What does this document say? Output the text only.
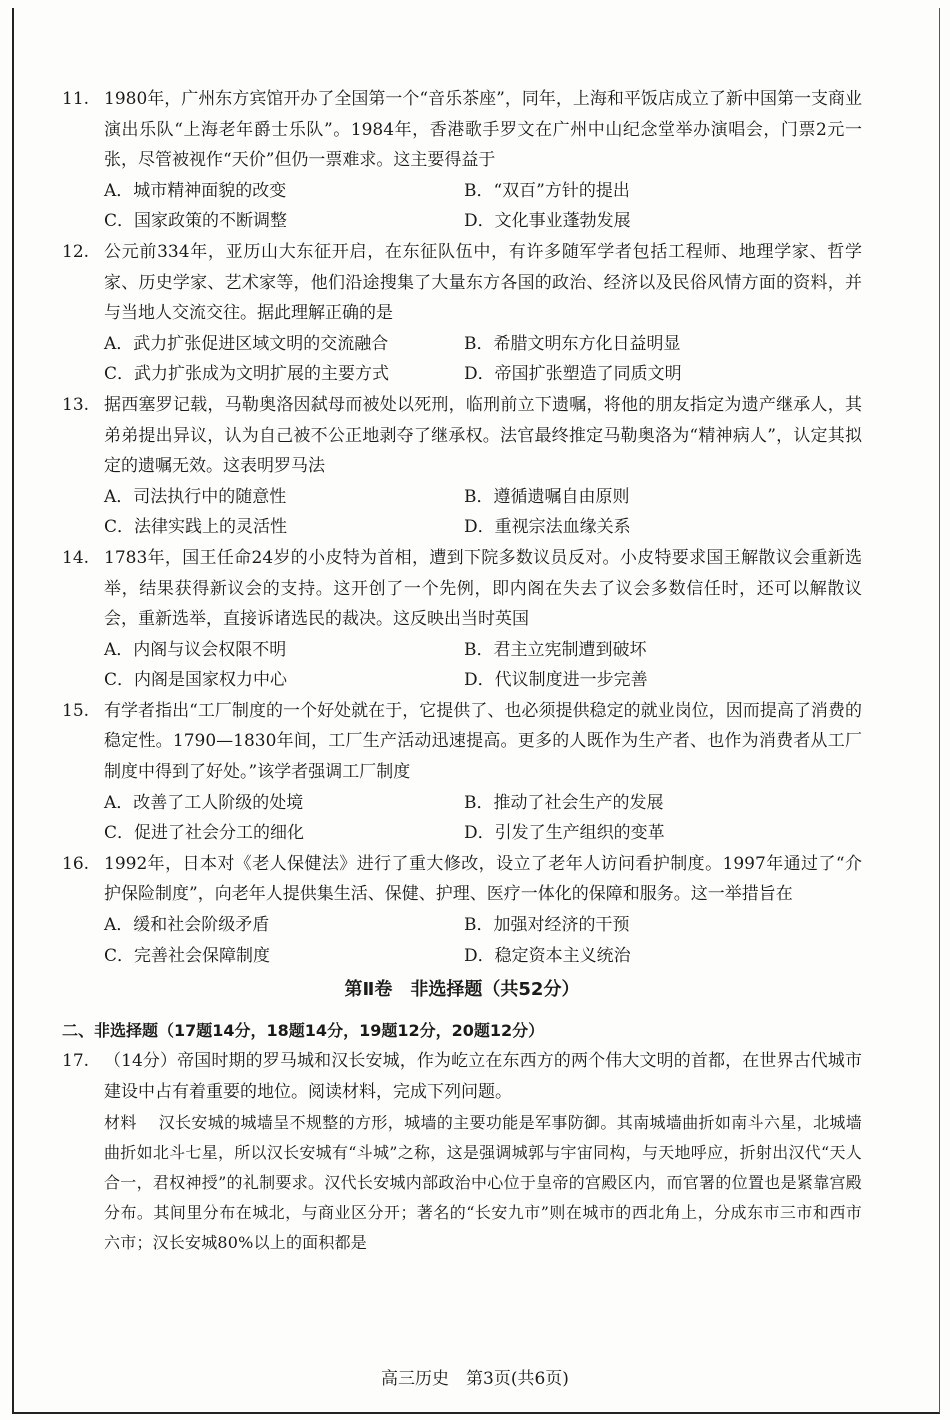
11. 1980年，广州东方宾馆开办了全国第一个“音乐茶座”，同年，上海和平饭店成立了新中国第一支商业演出乐队“上海老年爵士乐队”。1984年，香港歌手罗文在广州中山纪念堂举办演唱会，门票2元一张，尽管被视作“天价”但仍一票难求。这主要得益于
A．城市精神面貌的改变	B．“双百”方针的提出
C．国家政策的不断调整	D．文化事业蓬勃发展
12. 公元前334年，亚历山大东征开启，在东征队伍中，有许多随军学者包括工程师、地理学家、哲学家、历史学家、艺术家等，他们沿途搜集了大量东方各国的政治、经济以及民俗风情方面的资料，并与当地人交流交往。据此理解正确的是
A．武力扩张促进区域文明的交流融合	B．希腊文明东方化日益明显
C．武力扩张成为文明扩展的主要方式	D．帝国扩张塑造了同质文明
13. 据西塞罗记载，马勒奥洛因弑母而被处以死刑，临刑前立下遗嘱，将他的朋友指定为遗产继承人，其弟弟提出异议，认为自己被不公正地剥夺了继承权。法官最终推定马勒奥洛为“精神病人”，认定其拟定的遗嘱无效。这表明罗马法
A．司法执行中的随意性	B．遵循遗嘱自由原则
C．法律实践上的灵活性	D．重视宗法血缘关系
14. 1783年，国王任命24岁的小皮特为首相，遭到下院多数议员反对。小皮特要求国王解散议会重新选举，结果获得新议会的支持。这开创了一个先例，即内阁在失去了议会多数信任时，还可以解散议会，重新选举，直接诉诸选民的裁决。这反映出当时英国
A．内阁与议会权限不明	B．君主立宪制遭到破坏
C．内阁是国家权力中心	D．代议制度进一步完善
15. 有学者指出“工厂制度的一个好处就在于，它提供了、也必须提供稳定的就业岗位，因而提高了消费的稳定性。1790—1830年间，工厂生产活动迅速提高。更多的人既作为生产者、也作为消费者从工厂制度中得到了好处。”该学者强调工厂制度
A．改善了工人阶级的处境	B．推动了社会生产的发展
C．促进了社会分工的细化	D．引发了生产组织的变革
16. 1992年，日本对《老人保健法》进行了重大修改，设立了老年人访问看护制度。1997年通过了“介护保险制度”，向老年人提供集生活、保健、护理、医疗一体化的保障和服务。这一举措旨在
A．缓和社会阶级矛盾	B．加强对经济的干预
C．完善社会保障制度	D．稳定资本主义统治
第Ⅱ卷　非选择题（共52分）
二、非选择题（17题14分，18题14分，19题12分，20题12分）
17. （14分）帝国时期的罗马城和汉长安城，作为屹立在东西方的两个伟大文明的首都，在世界古代城市建设中占有着重要的地位。阅读材料，完成下列问题。
材料 汉长安城的城墙呈不规整的方形，城墙的主要功能是军事防御。其南城墙曲折如南斗六星，北城墙曲折如北斗七星，所以汉长安城有“斗城”之称，这是强调城郭与宇宙同构，与天地呼应，折射出汉代“天人合一，君权神授”的礼制要求。汉代长安城内部政治中心位于皇帝的宫殿区内，而官署的位置也是紧靠宫殿分布。其间里分布在城北，与商业区分开；著名的“长安九市”则在城市的西北角上，分成东市三市和西市六市；汉长安城80%以上的面积都是
高三历史　第3页(共6页)
